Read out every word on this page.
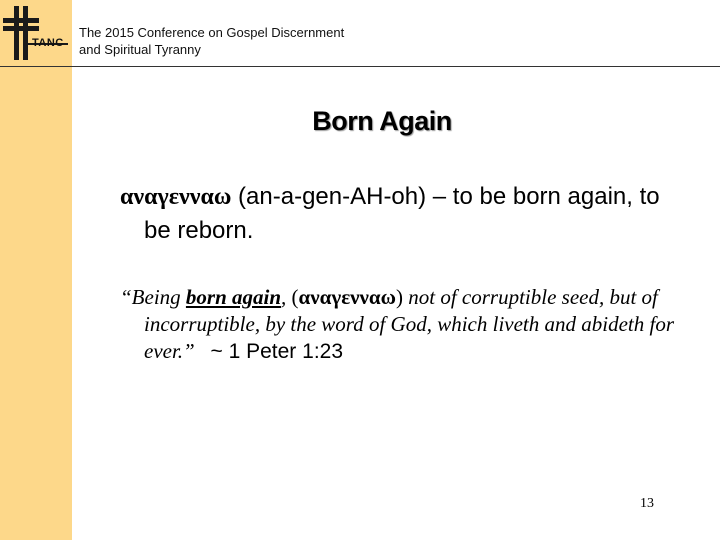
TANC
The 2015 Conference on Gospel Discernment
and Spiritual Tyranny
Born Again
αναγενναω (an-a-gen-AH-oh) – to be born again, to be reborn.
“Being born again, (αναγενναω) not of corruptible seed, but of incorruptible, by the word of God, which liveth and abideth for ever.” ~ 1 Peter 1:23
13
